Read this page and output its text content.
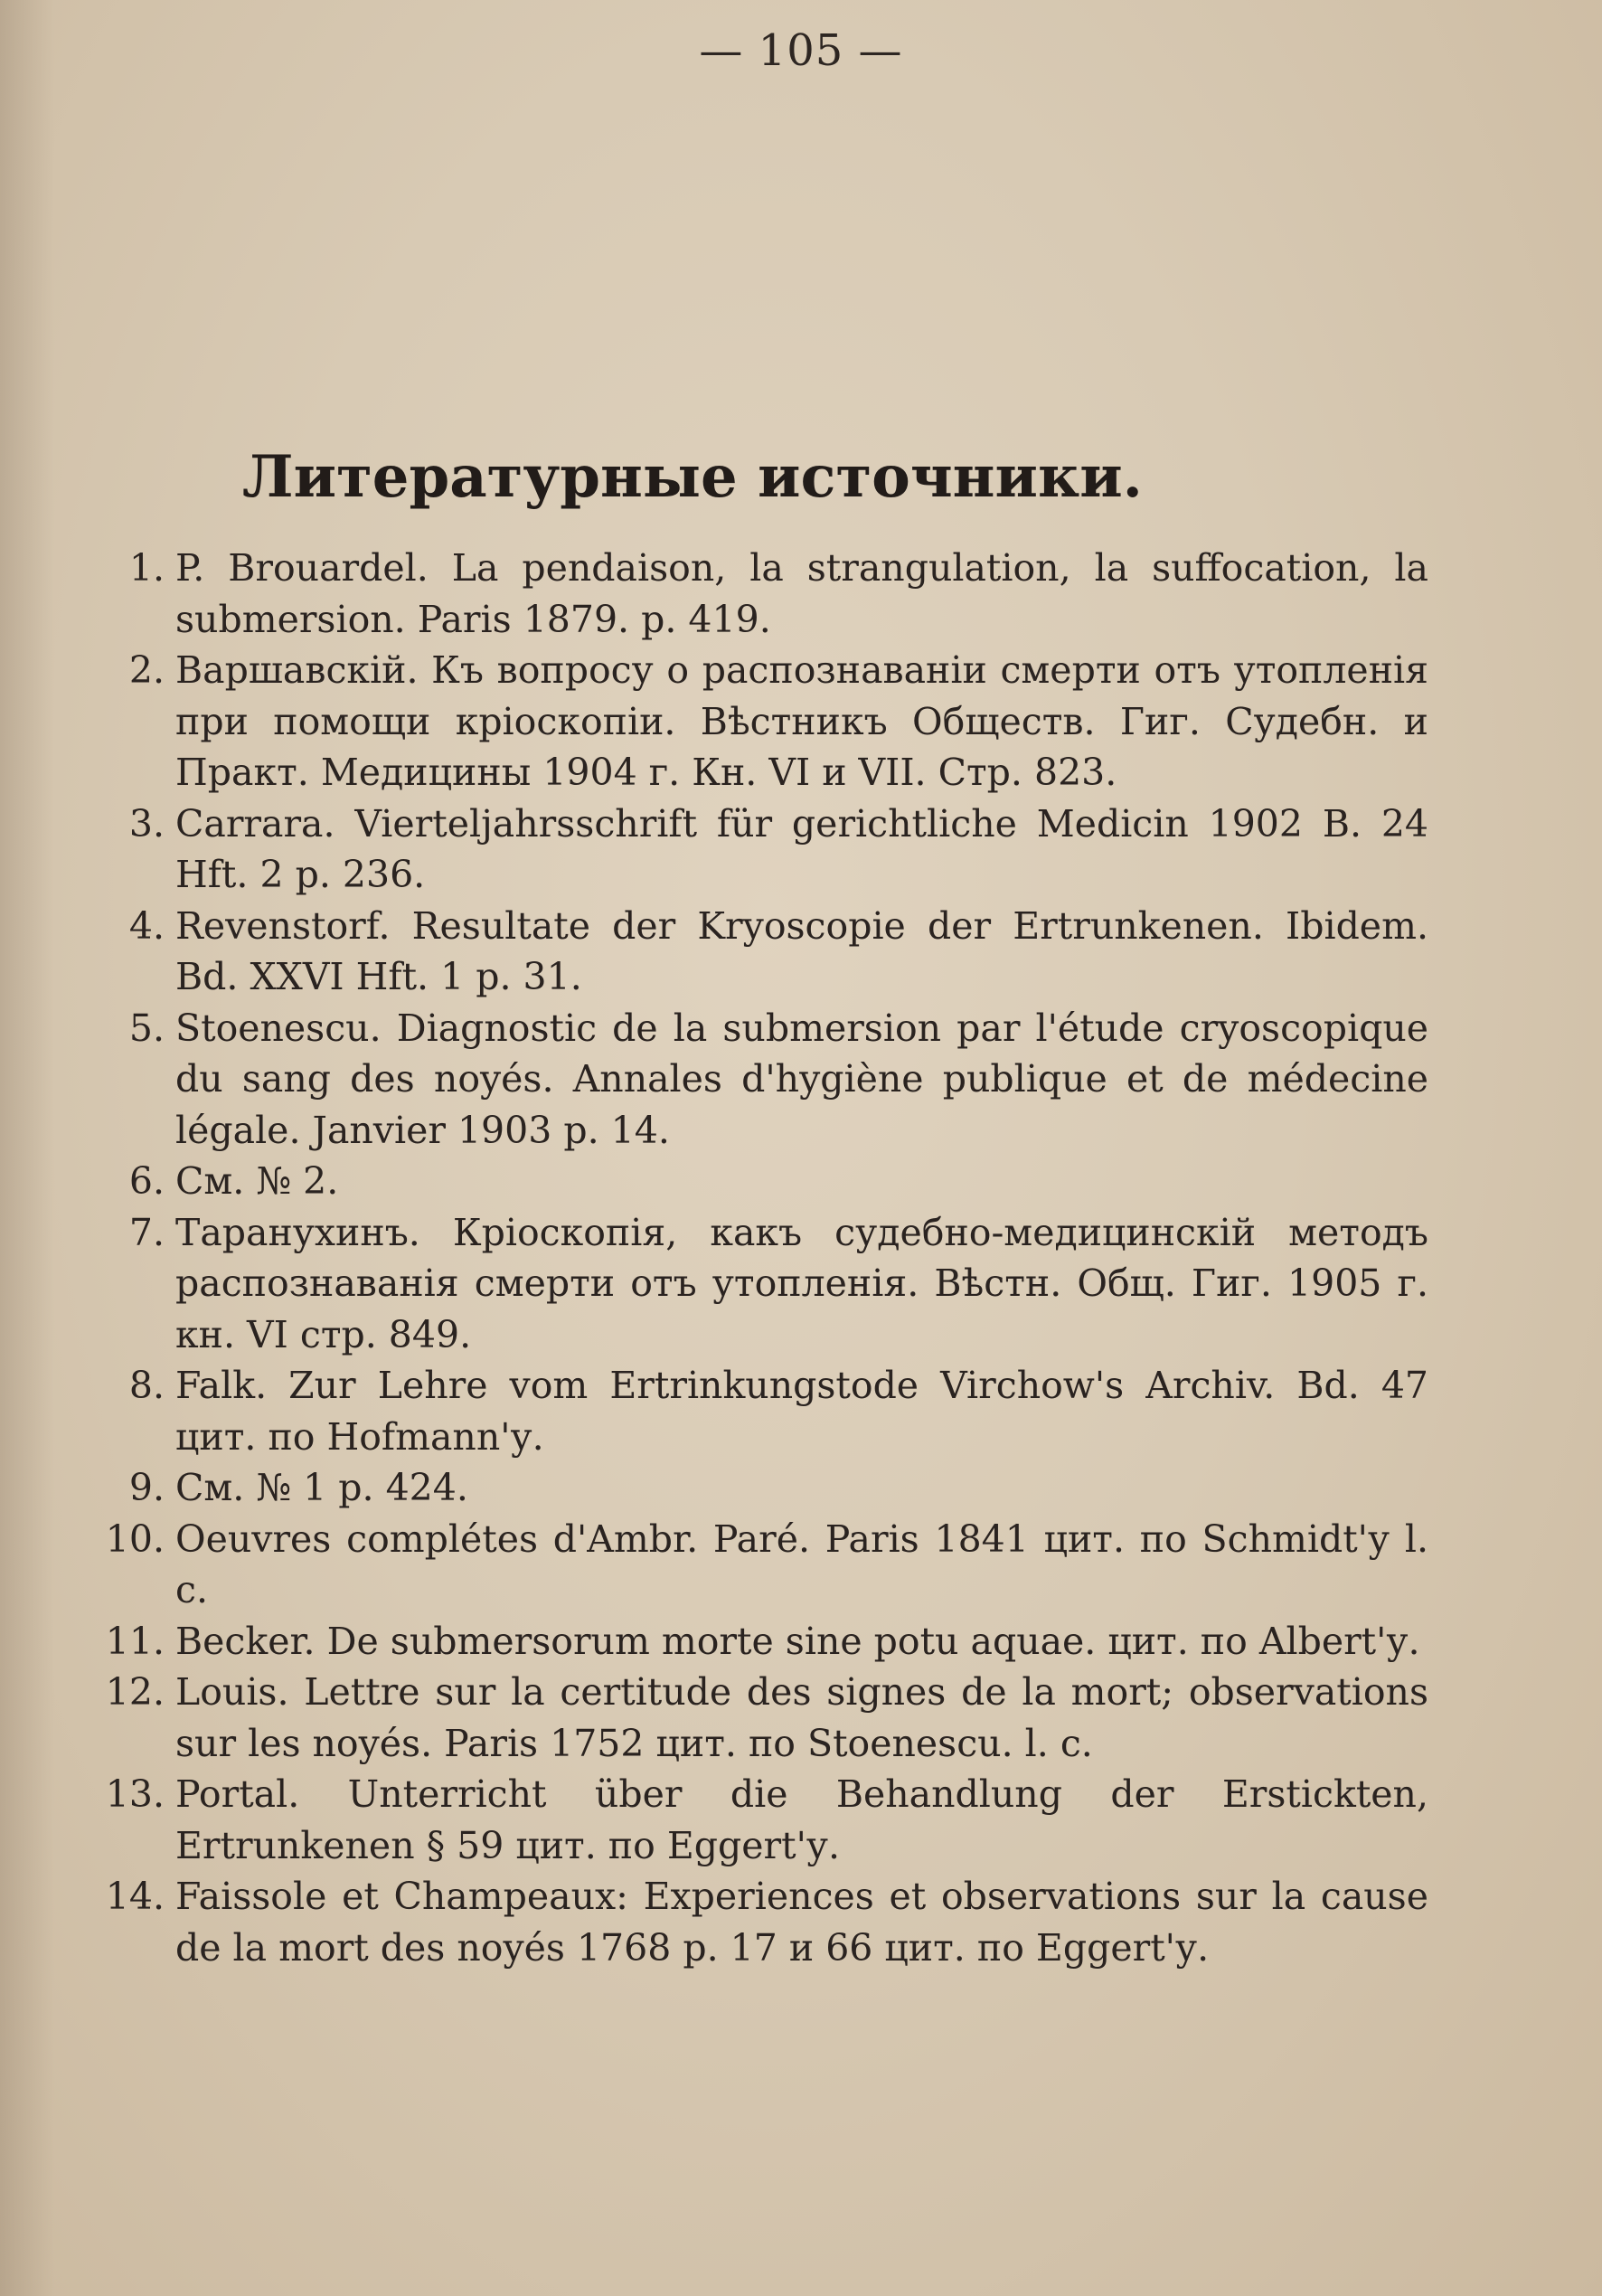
— 105 —
Литературные источники.
1. P. Brouardel. La pendaison, la strangulation, la suffocation, la submersion. Paris 1879. p. 419.
2. Варшавскій. Къ вопросу о распознаваніи смерти отъ утопленія при помощи кріоскопіи. Вѣстникъ Обществ. Гиг. Судебн. и Практ. Медицины 1904 г. Кн. VI и VII. Стр. 823.
3. Carrara. Vierteljahrsschrift für gerichtliche Medicin 1902 B. 24 Hft. 2 p. 236.
4. Revenstorf. Resultate der Kryoscopie der Ertrunkenen. Ibidem. Bd. XXVI Hft. 1 p. 31.
5. Stoenescu. Diagnostic de la submersion par l'étude cryoscopique du sang des noyés. Annales d'hygiène publique et de médecine légale. Janvier 1903 p. 14.
6. См. № 2.
7. Таранухинъ. Кріоскопія, какъ судебно-медицинскій методъ распознаванія смерти отъ утопленія. Вѣстн. Общ. Гиг. 1905 г. кн. VI стр. 849.
8. Falk. Zur Lehre vom Ertrinkungstode Virchow's Archiv. Bd. 47 цит. по Hofmann'у.
9. См. № 1 p. 424.
10. Oeuvres complétes d'Ambr. Paré. Paris 1841 цит. по Schmidt'у l. c.
11. Becker. De submersorum morte sine potu aquae. цит. по Albert'у.
12. Louis. Lettre sur la certitude des signes de la mort; observations sur les noyés. Paris 1752 цит. по Stoenescu. l. c.
13. Portal. Unterricht über die Behandlung der Erstickten, Ertrunkenen § 59 цит. по Eggert'у.
14. Faissole et Champeaux: Experiences et observations sur la cause de la mort des noyés 1768 p. 17 и 66 цит. по Eggert'у.
